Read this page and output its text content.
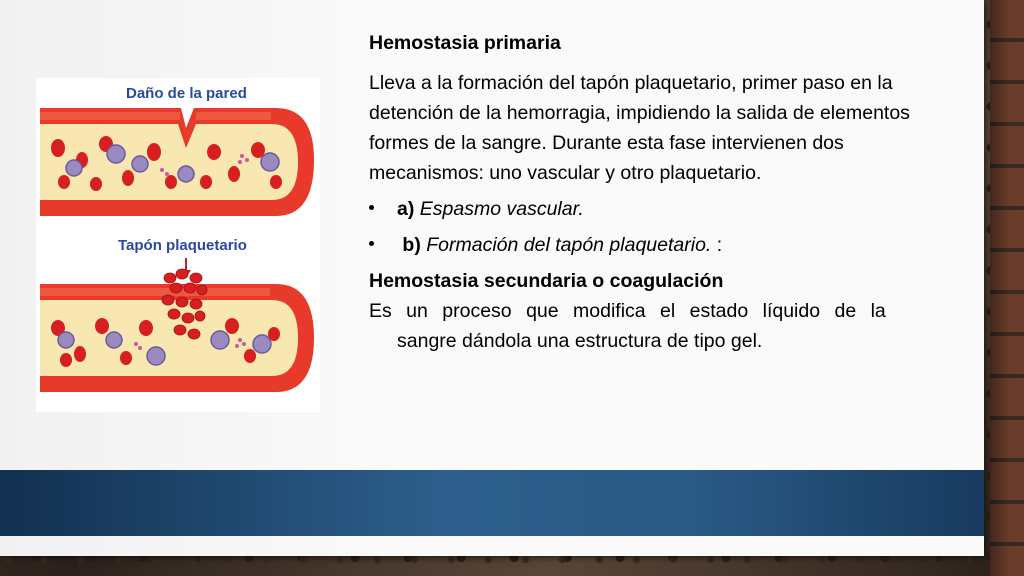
Daño de la pared
Tapón plaquetario

Hemostasia primaria

Lleva a la formación del tapón plaquetario, primer paso en la detención de la hemorragia, impidiendo la salida de elementos formes de la sangre. Durante esta fase intervienen dos mecanismos: uno vascular y otro plaquetario.

a) Espasmo vascular.
b) Formación del tapón plaquetario. :

Hemostasia secundaria o coagulación

Es un proceso que modifica el estado líquido de la

sangre dándola una estructura de tipo gel.
